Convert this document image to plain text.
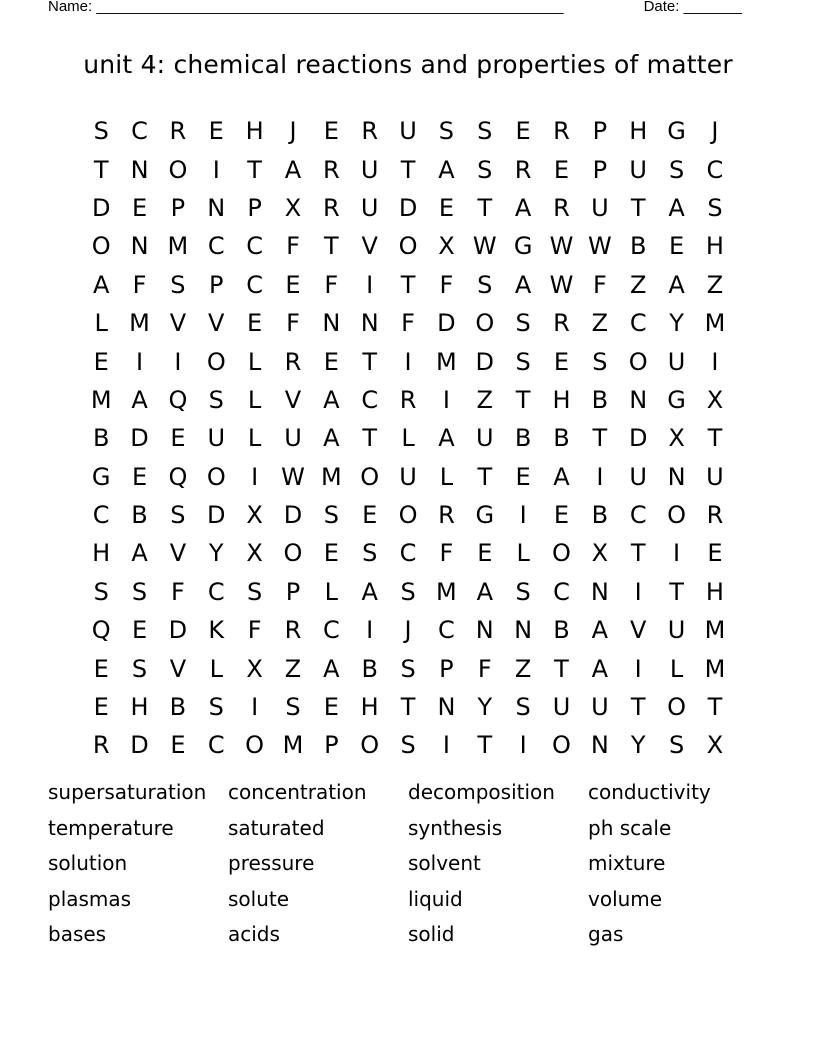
Name: ________________________________________________________	Date: _______
unit 4: chemical reactions and properties of matter
S C R E H	J	E R U S S E R P H G	J
T N O	I	T A R U T A S R E P U S C
D E P N P X R U D E T A R U T A S
O N M C C F	T V O X W G W W B E H
A F S P C E F	I	T	F S A W F Z A Z
L M V V E F N N F D O S R Z C Y M
E	I	I	O L R E T	I	M D S E S O U	I
M A Q S	L V A C R	I	Z T H B N G X
B D E U L U A T	L A U B B T D X T
G E Q O	I W M O U L	T E A	I	U N U
C B S D X D S E O R G	I	E B C O R
H A V Y X O E S C F E	L O X T	I	E
S S F C S P	L A S M A S C N	I	T H
Q E D K F R C	I	J	C N N B A V U M
E S V L X Z A B S P	F Z T A	I	L M
E H B S	I	S E H T N Y S U U T O T
R D E C O M P O S	I	T	I	O N Y S X
supersaturation	concentration	decomposition	conductivity
temperature	saturated	synthesis	ph scale
solution	pressure	solvent	mixture
plasmas	solute	liquid	volume
bases	acids	solid	gas
